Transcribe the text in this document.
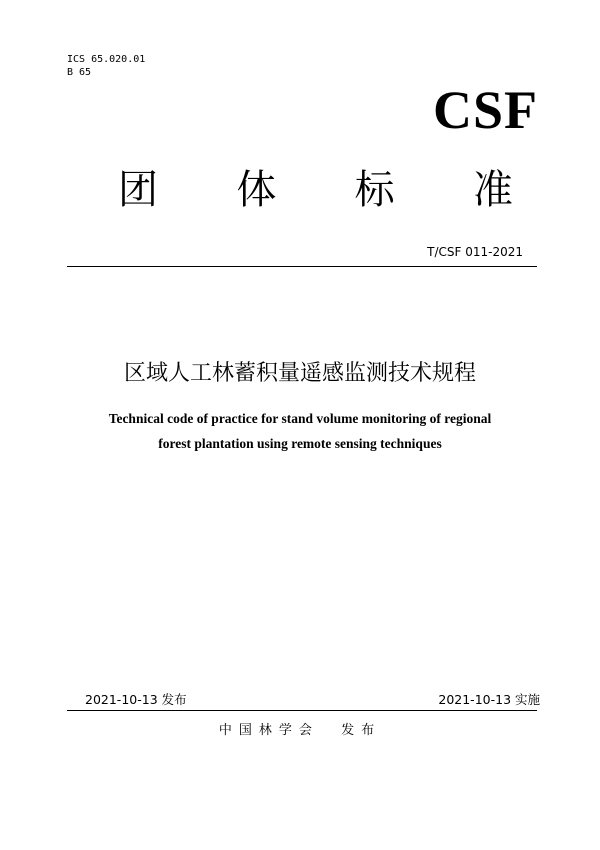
ICS 65.020.01
B 65
CSF
团 体 标 准
T/CSF 011-2021
区域人工林蓄积量遥感监测技术规程
Technical code of practice for stand volume monitoring of regional
forest plantation using remote sensing techniques
2021-10-13 发布	2021-10-13 实施
中国林学会  发布
